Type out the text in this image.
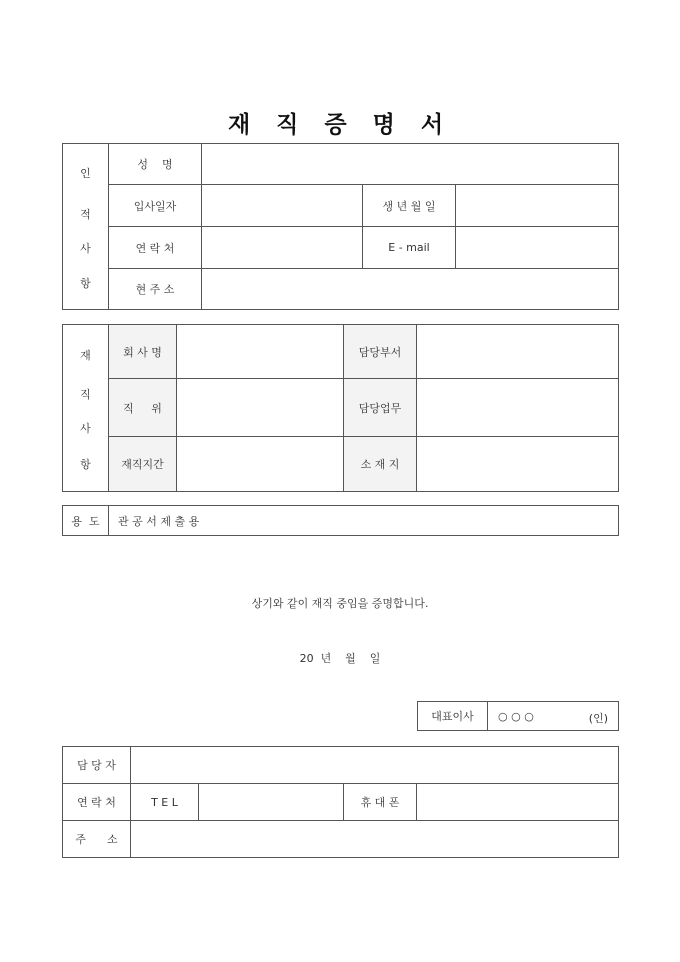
재 직 증 명 서
인
적
사
항	성    명			
	입사일자		생 년 월 일	
	연 락 처		E - mail	
	현 주 소			
재
직
사
항	회 사 명		담당부서	
	직     위		담당업무	
	재직지간		소 재 지	
용  도	관 공 서 제 출 용
상기와 같이 재직 중임을 증명합니다.
20  년    월    일
대표이사	○ ○ ○	(인)
담 당 자				
연 락 처	T E L		휴 대 폰	
주      소				
